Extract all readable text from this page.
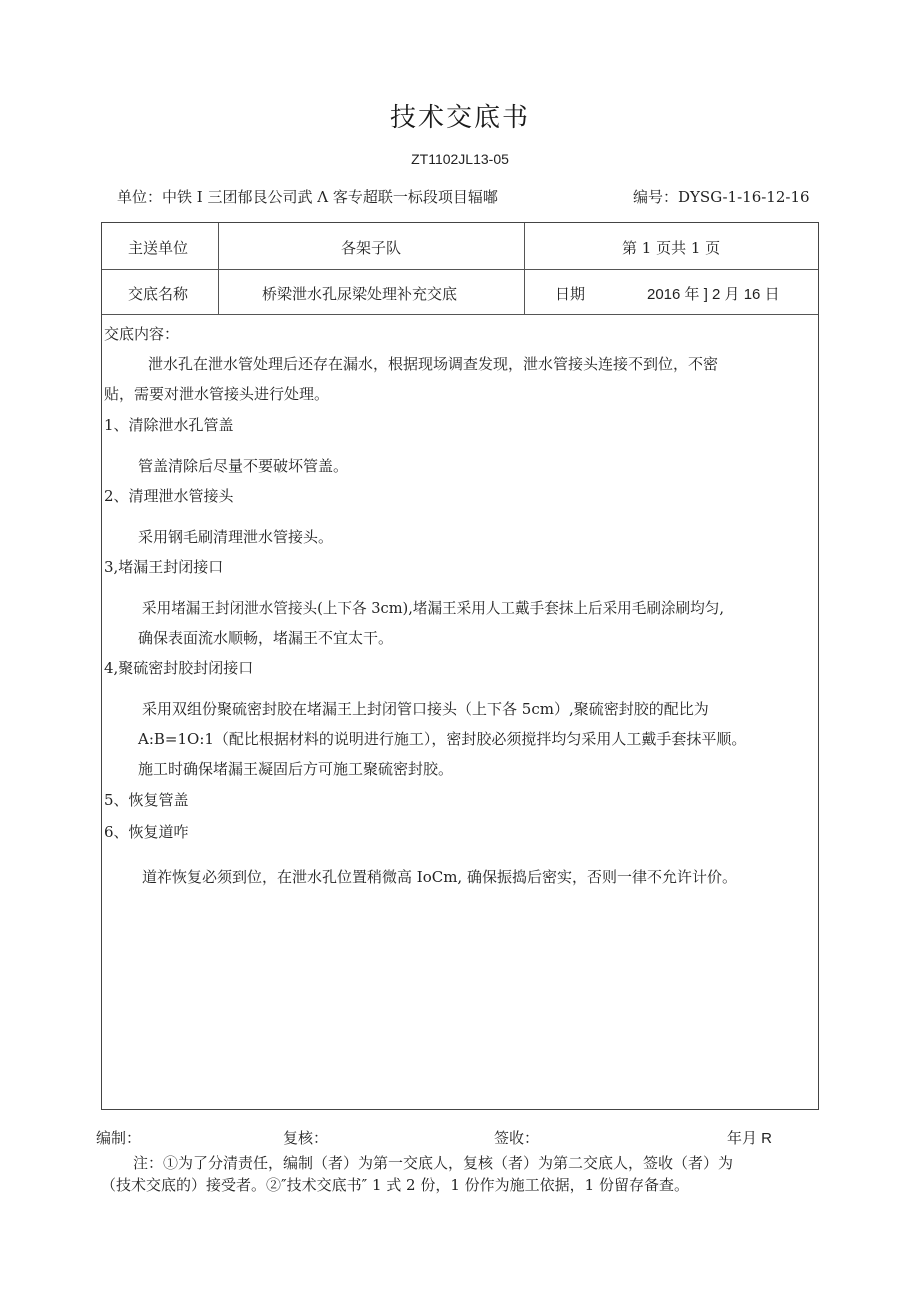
技术交底书
ZT1102JL13-05
单位：中铁 I 三团郁艮公司武 Λ 客专超联一标段项目辐嘟	编号：DYSG-1-16-12-16
主送单位	各架子队	第 1 页共 1 页
交底名称	桥梁泄水孔尿梁处理补充交底	日期	2016 年 ] 2 月 16 日
交底内容：
泄水孔在泄水管处理后还存在漏水，根据现场调查发现，泄水管接头连接不到位，不密
贴，需要对泄水管接头进行处理。
1、清除泄水孔管盖
管盖清除后尽量不要破坏管盖。
2、清理泄水管接头
采用钢毛刷清理泄水管接头。
3,堵漏王封闭接口
采用堵漏王封闭泄水管接头(上下各 3cm),堵漏王采用人工戴手套抹上后采用毛刷涂刷均匀,
确保表面流水顺畅，堵漏王不宜太干。
4,聚硫密封胶封闭接口
采用双组份聚硫密封胶在堵漏王上封闭管口接头（上下各 5cm）,聚硫密封胶的配比为
A:B=1O:1（配比根据材料的说明进行施工），密封胶必须搅拌均匀采用人工戴手套抹平顺。
施工时确保堵漏王凝固后方可施工聚硫密封胶。
5、恢复管盖
6、恢复道咋
道祚恢复必须到位，在泄水孔位置稍微高 IoCm, 确保振捣后密实，否则一律不允许计价。
编制：	复核：	签收：	年月 R
注：①为了分清责任，编制（者）为第一交底人，复核（者）为第二交底人，签收（者）为
（技术交底的）接受者。②″技术交底书″ 1 式 2 份，1 份作为施工依据，1 份留存备查。
